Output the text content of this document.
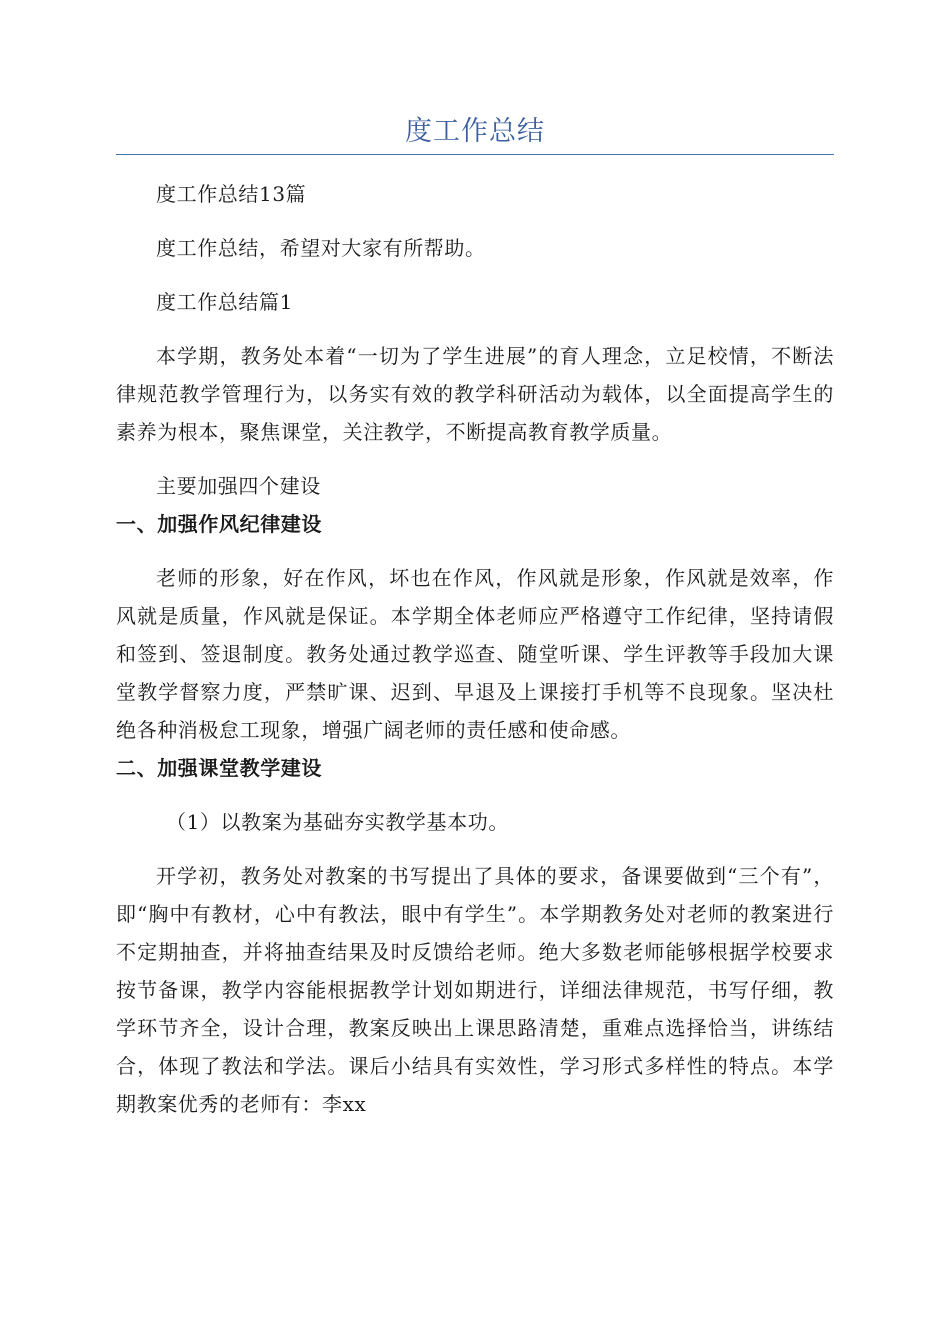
度工作总结

度工作总结13篇

度工作总结，希望对大家有所帮助。

度工作总结篇1

本学期，教务处本着“一切为了学生进展”的育人理念，立足校情，不断法律规范教学管理行为，以务实有效的教学科研活动为载体，以全面提高学生的素养为根本，聚焦课堂，关注教学，不断提高教育教学质量。

主要加强四个建设

一、加强作风纪律建设

老师的形象，好在作风，坏也在作风，作风就是形象，作风就是效率，作风就是质量，作风就是保证。本学期全体老师应严格遵守工作纪律，坚持请假和签到、签退制度。教务处通过教学巡查、随堂听课、学生评教等手段加大课堂教学督察力度，严禁旷课、迟到、早退及上课接打手机等不良现象。坚决杜绝各种消极怠工现象，增强广阔老师的责任感和使命感。

二、加强课堂教学建设

（1）以教案为基础夯实教学基本功。

开学初，教务处对教案的书写提出了具体的要求，备课要做到“三个有”，即“胸中有教材，心中有教法，眼中有学生”。本学期教务处对老师的教案进行不定期抽查，并将抽查结果及时反馈给老师。绝大多数老师能够根据学校要求按节备课，教学内容能根据教学计划如期进行，详细法律规范，书写仔细，教学环节齐全，设计合理，教案反映出上课思路清楚，重难点选择恰当，讲练结合，体现了教法和学法。课后小结具有实效性，学习形式多样性的特点。本学期教案优秀的老师有：李xx
